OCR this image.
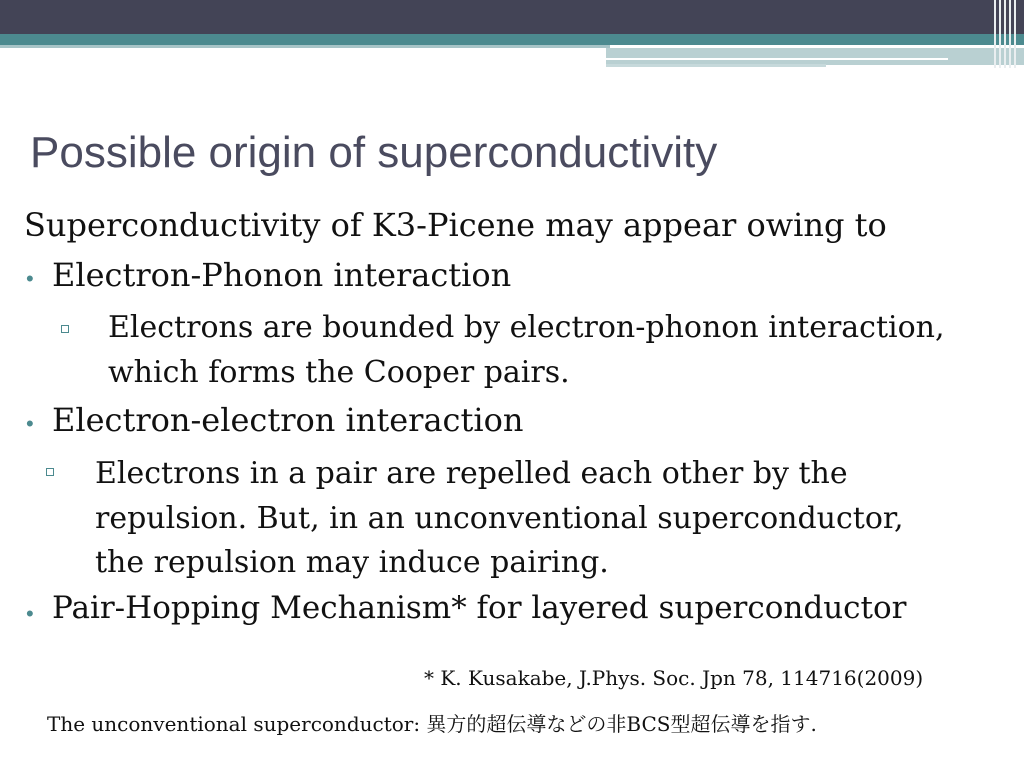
Possible origin of superconductivity
Superconductivity of K3-Picene may appear owing to
• Electron-Phonon interaction
Electrons are bounded by electron-phonon interaction,
which forms the Cooper pairs.
• Electron-electron interaction
Electrons in a pair are repelled each other by the
repulsion. But, in an unconventional superconductor,
the repulsion may induce pairing.
• Pair-Hopping Mechanism* for layered superconductor
* K. Kusakabe, J.Phys. Soc. Jpn 78, 114716(2009)
The unconventional superconductor: 異方的超伝導などの非BCS型超伝導を指す.
